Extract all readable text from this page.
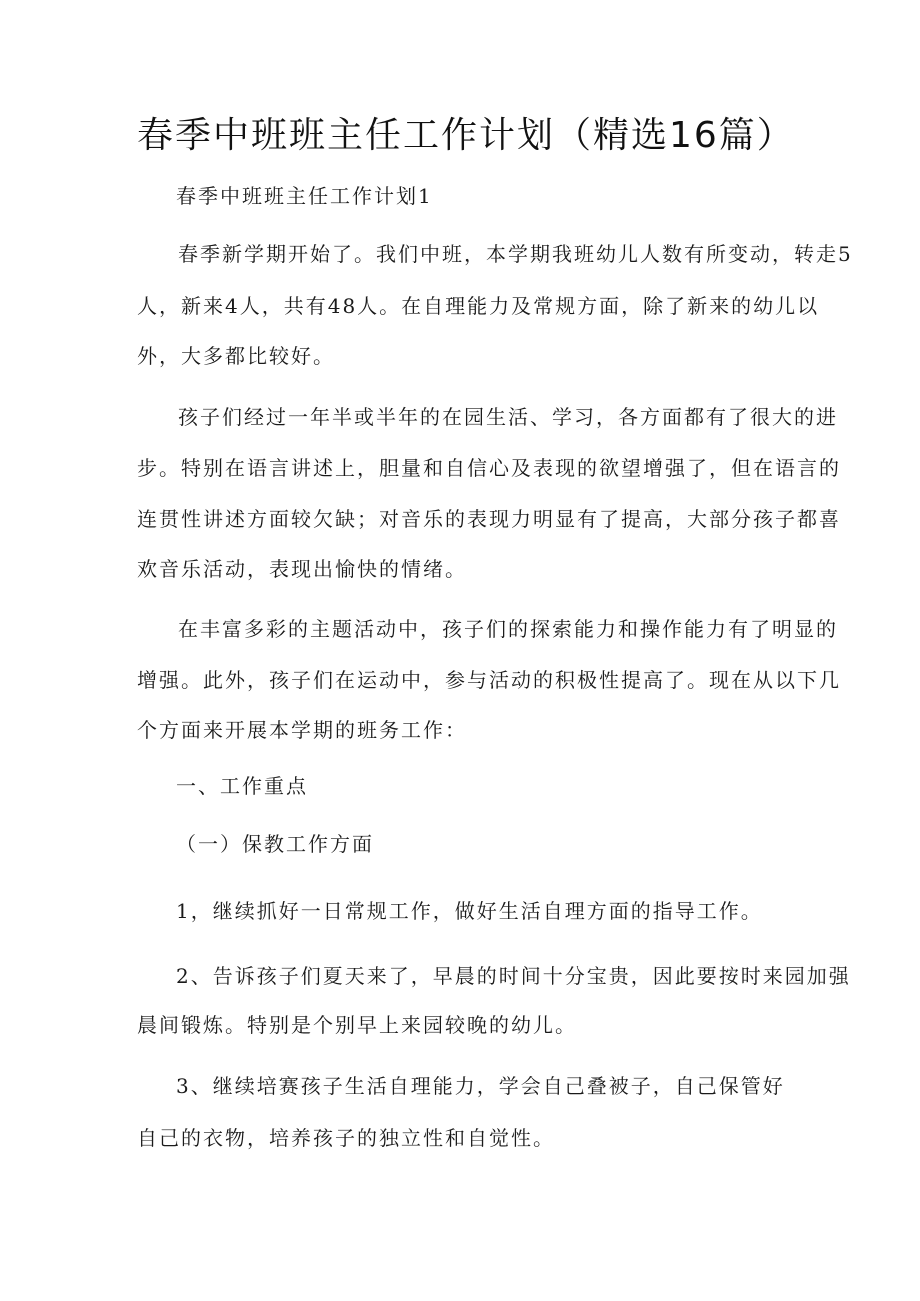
春季中班班主任工作计划（精选16篇）
春季中班班主任工作计划1
春季新学期开始了。我们中班，本学期我班幼儿人数有所变动，转走5
人，新来4人，共有48人。在自理能力及常规方面，除了新来的幼儿以
外，大多都比较好。
孩子们经过一年半或半年的在园生活、学习，各方面都有了很大的进
步。特别在语言讲述上，胆量和自信心及表现的欲望增强了，但在语言的
连贯性讲述方面较欠缺；对音乐的表现力明显有了提高，大部分孩子都喜
欢音乐活动，表现出愉快的情绪。
在丰富多彩的主题活动中，孩子们的探索能力和操作能力有了明显的
增强。此外，孩子们在运动中，参与活动的积极性提高了。现在从以下几
个方面来开展本学期的班务工作：
一、工作重点
（一）保教工作方面
1，继续抓好一日常规工作，做好生活自理方面的指导工作。
2、告诉孩子们夏天来了，早晨的时间十分宝贵，因此要按时来园加强
晨间锻炼。特别是个别早上来园较晚的幼儿。
3、继续培赛孩子生活自理能力，学会自己叠被子，自己保管好
自己的衣物，培养孩子的独立性和自觉性。
